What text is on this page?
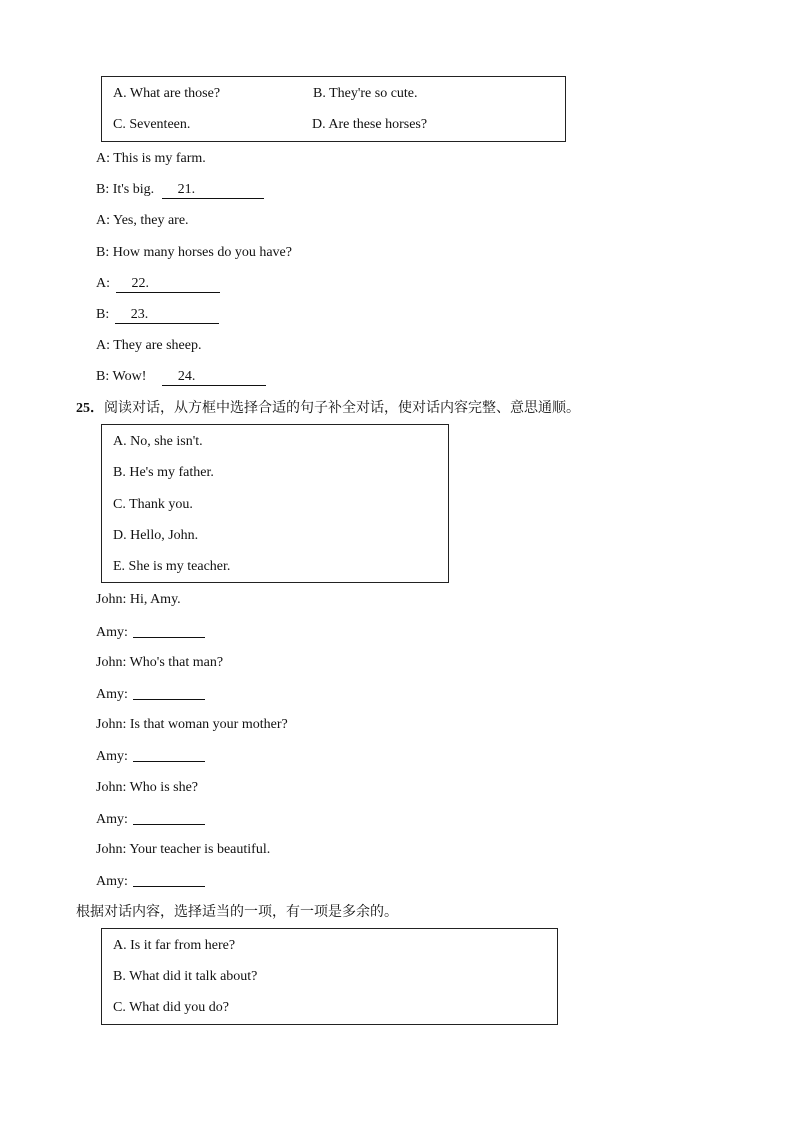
A. What are those?	B. They're so cute.
C. Seventeen.	D. Are these horses?
A: This is my farm.
B: It's big. 21.
A: Yes, they are.
B: How many horses do you have?
A: 22.
B: 23.
A: They are sheep.
B: Wow! 24.
25．阅读对话，从方框中选择合适的句子补全对话，使对话内容完整、意思通顺。
A. No, she isn't.
B. He's my father.
C. Thank you.
D. Hello, John.
E. She is my teacher.
John: Hi, Amy.
Amy:
John: Who's that man?
Amy:
John: Is that woman your mother?
Amy:
John: Who is she?
Amy:
John: Your teacher is beautiful.
Amy:
根据对话内容，选择适当的一项，有一项是多余的。
A. Is it far from here?
B. What did it talk about?
C. What did you do?
